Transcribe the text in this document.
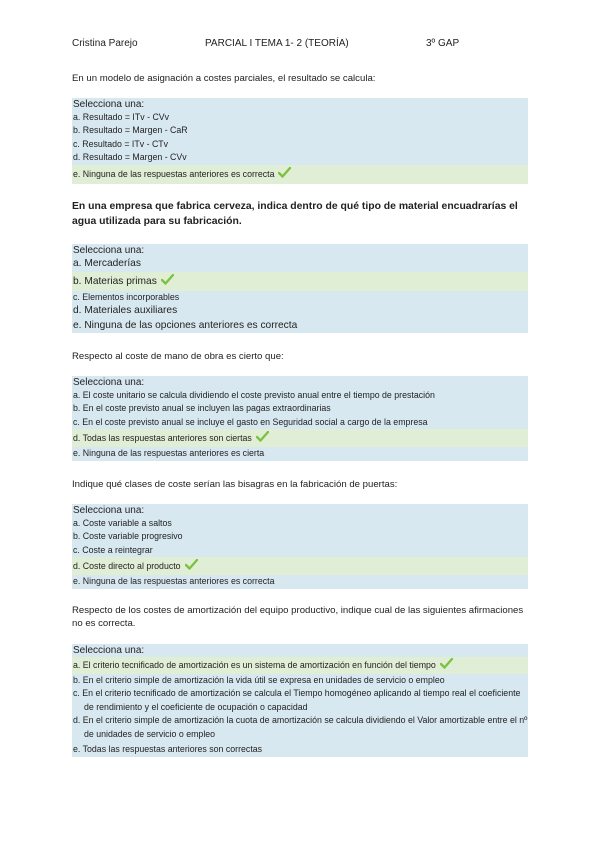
Cristina Parejo	PARCIAL I TEMA 1- 2 (TEORÍA)	3º GAP
En un modelo de asignación a costes parciales, el resultado se calcula:
Selecciona una:
a. Resultado = ITv - CVv
b. Resultado = Margen - CaR
c. Resultado = ITv - CTv
d. Resultado = Margen - CVv
e. Ninguna de las respuestas anteriores es correcta
En una empresa que fabrica cerveza, indica dentro de qué tipo de material encuadrarías el agua utilizada para su fabricación.
Selecciona una:
a. Mercaderías
b. Materias primas
c. Elementos incorporables
d. Materiales auxiliares
e. Ninguna de las opciones anteriores es correcta
Respecto al coste de mano de obra es cierto que:
Selecciona una:
a. El coste unitario se calcula dividiendo el coste previsto anual entre el tiempo de prestación
b. En el coste previsto anual se incluyen las pagas extraordinarias
c. En el coste previsto anual se incluye el gasto en Seguridad social a cargo de la empresa
d. Todas las respuestas anteriores son ciertas
e. Ninguna de las respuestas anteriores es cierta
Indique qué clases de coste serían las bisagras en la fabricación de puertas:
Selecciona una:
a. Coste variable a saltos
b. Coste variable progresivo
c. Coste a reintegrar
d. Coste directo al producto
e. Ninguna de las respuestas anteriores es correcta
Respecto de los costes de amortización del equipo productivo, indique cual de las siguientes afirmaciones no es correcta.
Selecciona una:
a. El criterio tecnificado de amortización es un sistema de amortización en función del tiempo
b. En el criterio simple de amortización la vida útil se expresa en unidades de servicio o empleo
c. En el criterio tecnificado de amortización se calcula el Tiempo homogéneo aplicando al tiempo real el coeficiente de rendimiento y el coeficiente de ocupación o capacidad
d. En el criterio simple de amortización la cuota de amortización se calcula dividiendo el Valor amortizable entre el nº de unidades de servicio o empleo
e. Todas las respuestas anteriores son correctas
